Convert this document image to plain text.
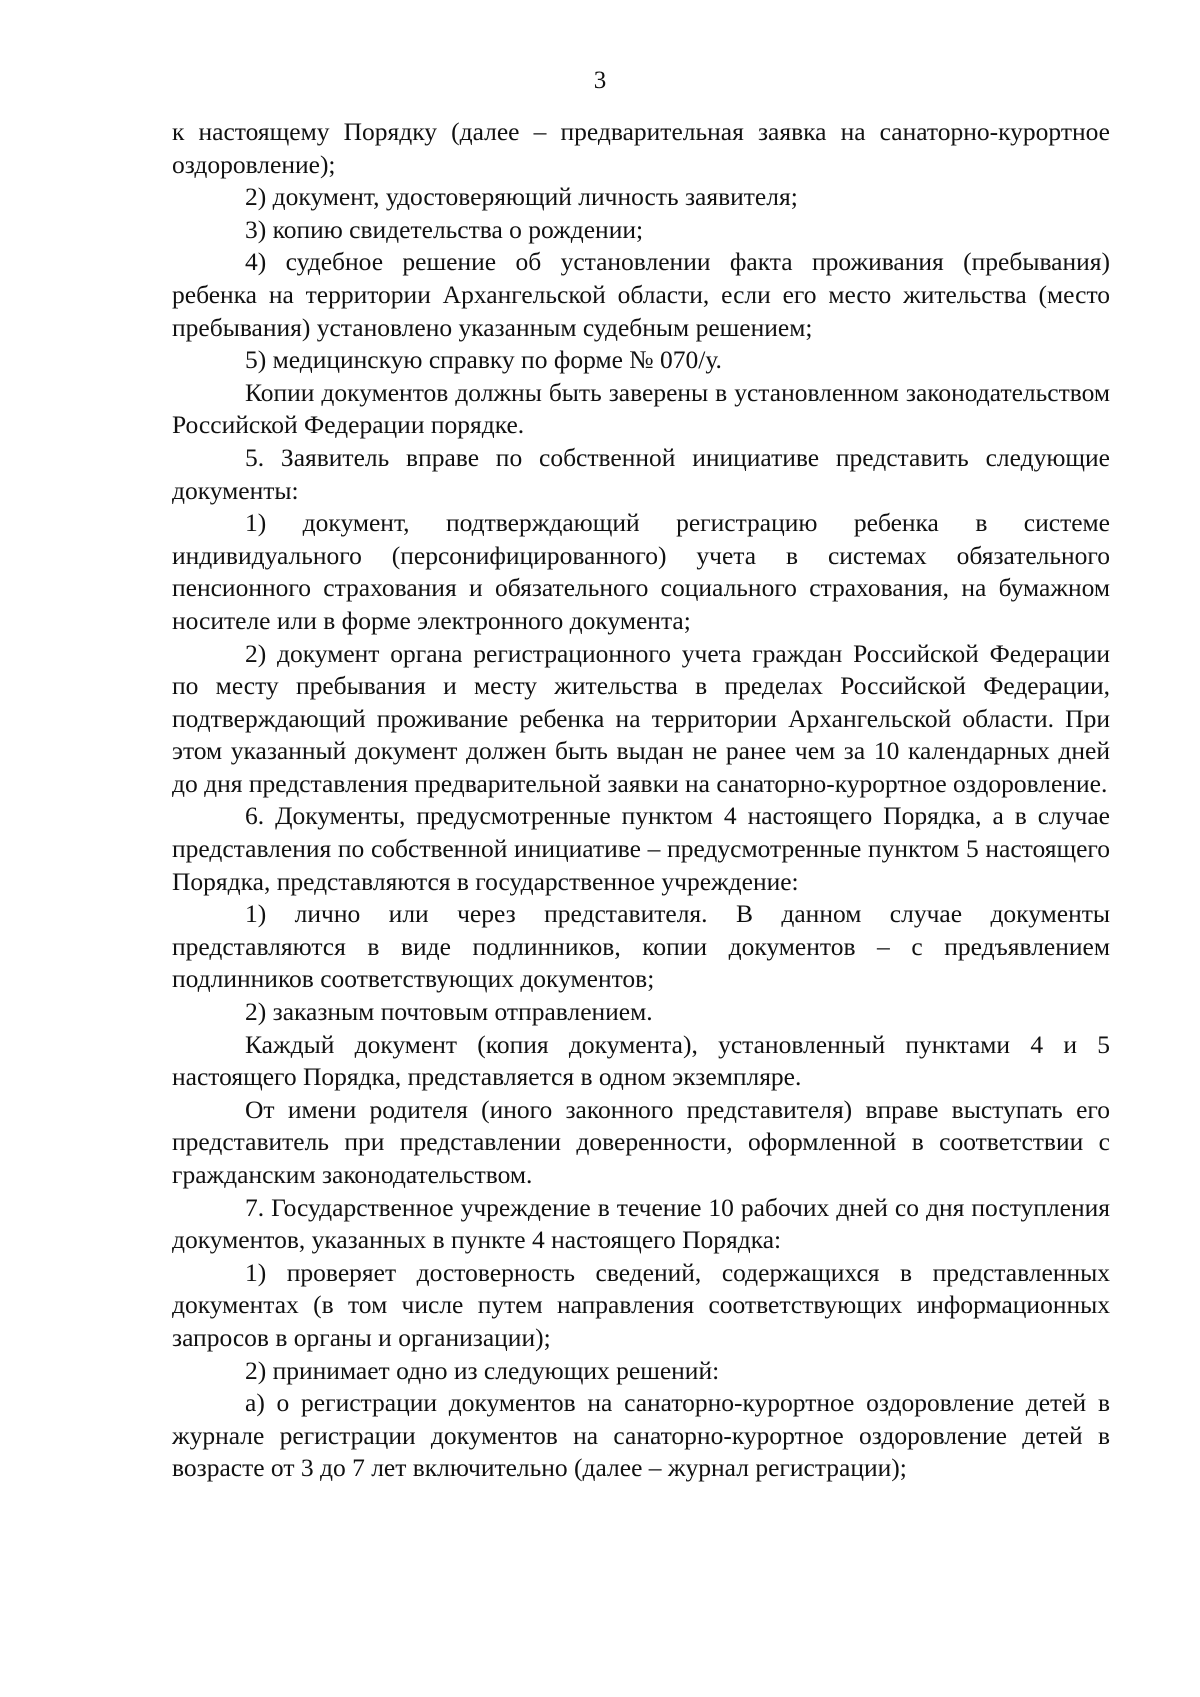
3

к настоящему Порядку (далее – предварительная заявка на санаторно-курортное оздоровление);

2) документ, удостоверяющий личность заявителя;

3) копию свидетельства о рождении;

4) судебное решение об установлении факта проживания (пребывания) ребенка на территории Архангельской области, если его место жительства (место пребывания) установлено указанным судебным решением;

5) медицинскую справку по форме № 070/у.

Копии документов должны быть заверены в установленном законодательством Российской Федерации порядке.

5. Заявитель вправе по собственной инициативе представить следующие документы:

1) документ, подтверждающий регистрацию ребенка в системе индивидуального (персонифицированного) учета в системах обязательного пенсионного страхования и обязательного социального страхования, на бумажном носителе или в форме электронного документа;

2) документ органа регистрационного учета граждан Российской Федерации по месту пребывания и месту жительства в пределах Российской Федерации, подтверждающий проживание ребенка на территории Архангельской области. При этом указанный документ должен быть выдан не ранее чем за 10 календарных дней до дня представления предварительной заявки на санаторно-курортное оздоровление.

6. Документы, предусмотренные пунктом 4 настоящего Порядка, а в случае представления по собственной инициативе – предусмотренные пунктом 5 настоящего Порядка, представляются в государственное учреждение:

1) лично или через представителя. В данном случае документы представляются в виде подлинников, копии документов – с предъявлением подлинников соответствующих документов;

2) заказным почтовым отправлением.

Каждый документ (копия документа), установленный пунктами 4 и 5 настоящего Порядка, представляется в одном экземпляре.

От имени родителя (иного законного представителя) вправе выступать его представитель при представлении доверенности, оформленной в соответствии с гражданским законодательством.

7. Государственное учреждение в течение 10 рабочих дней со дня поступления документов, указанных в пункте 4 настоящего Порядка:

1) проверяет достоверность сведений, содержащихся в представленных документах (в том числе путем направления соответствующих информационных запросов в органы и организации);

2) принимает одно из следующих решений:

а) о регистрации документов на санаторно-курортное оздоровление детей в журнале регистрации документов на санаторно-курортное оздоровление детей в возрасте от 3 до 7 лет включительно (далее – журнал регистрации);
